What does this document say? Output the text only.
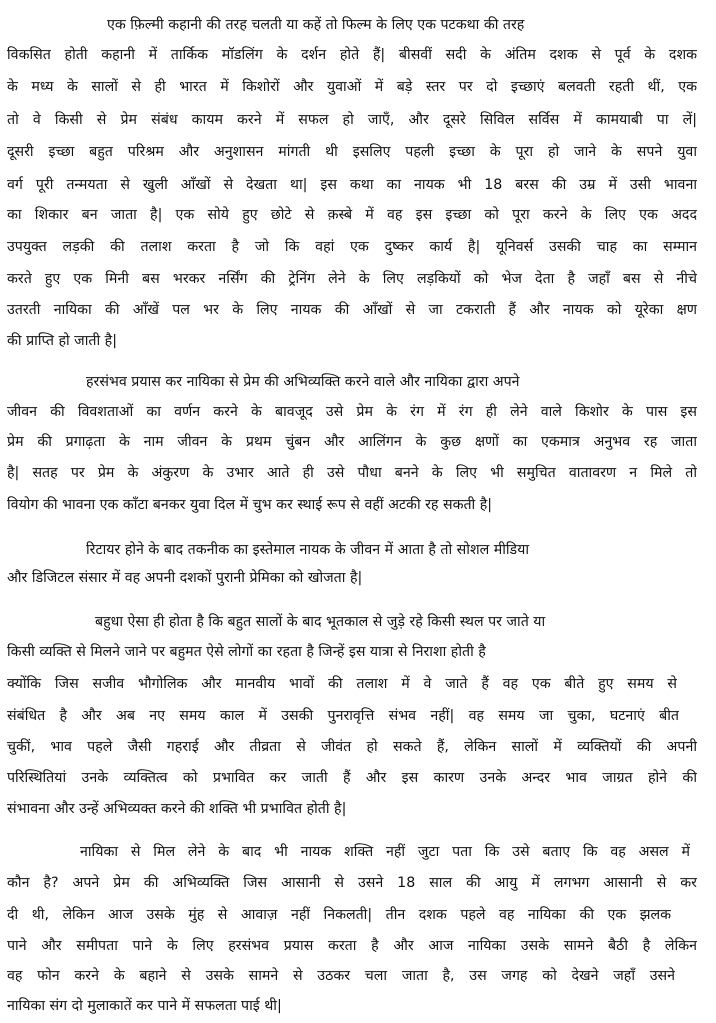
एक फ़िल्मी कहानी की तरह चलती या कहें तो फिल्म के लिए एक पटकथा की तरह
विकसित होती कहानी में तार्किक मॉडलिंग के दर्शन होते हैं| बीसवीं सदी के अंतिम दशक से पूर्व के दशक
के मध्य के सालों से ही भारत में किशोरों और युवाओं में बड़े स्तर पर दो इच्छाएं बलवती रहती थीं, एक
तो वे किसी से प्रेम संबंध कायम करने में सफल हो जाएँ, और दूसरे सिविल सर्विस में कामयाबी पा लें|
दूसरी इच्छा बहुत परिश्रम और अनुशासन मांगती थी इसलिए पहली इच्छा के पूरा हो जाने के सपने युवा
वर्ग पूरी तन्मयता से खुली आँखों से देखता था| इस कथा का नायक भी 18 बरस की उम्र में उसी भावना
का शिकार बन जाता है| एक सोये हुए छोटे से क़स्बे में वह इस इच्छा को पूरा करने के लिए एक अदद
उपयुक्त लड़की की तलाश करता है जो कि वहां एक दुष्कर कार्य है| यूनिवर्स उसकी चाह का सम्मान
करते हुए एक मिनी बस भरकर नर्सिंग की ट्रेनिंग लेने के लिए लड़कियों को भेज देता है जहाँ बस से नीचे
उतरती नायिका की आँखें पल भर के लिए नायक की आँखों से जा टकराती हैं और नायक को यूरेका क्षण
की प्राप्ति हो जाती है|
हरसंभव प्रयास कर नायिका से प्रेम की अभिव्यक्ति करने वाले और नायिका द्वारा अपने
जीवन की विवशताओं का वर्णन करने के बावजूद उसे प्रेम के रंग में रंग ही लेने वाले किशोर के पास इस
प्रेम की प्रगाढ़ता के नाम जीवन के प्रथम चुंबन और आलिंगन के कुछ क्षणों का एकमात्र अनुभव रह जाता
है| सतह पर प्रेम के अंकुरण के उभार आते ही उसे पौधा बनने के लिए भी समुचित वातावरण न मिले तो
वियोग की भावना एक काँटा बनकर युवा दिल में चुभ कर स्थाई रूप से वहीं अटकी रह सकती है|
रिटायर होने के बाद तकनीक का इस्तेमाल नायक के जीवन में आता है तो सोशल मीडिया
और डिजिटल संसार में वह अपनी दशकों पुरानी प्रेमिका को खोजता है|
बहुधा ऐसा ही होता है कि बहुत सालों के बाद भूतकाल से जुड़े रहे किसी स्थल पर जाते या
किसी व्यक्ति से मिलने जाने पर बहुमत ऐसे लोगों का रहता है जिन्हें इस यात्रा से निराशा होती है
क्योंकि जिस सजीव भौगोलिक और मानवीय भावों की तलाश में वे जाते हैं वह एक बीते हुए समय से
संबंधित है और अब नए समय काल में उसकी पुनरावृत्ति संभव नहीं| वह समय जा चुका, घटनाएं बीत
चुकीं, भाव पहले जैसी गहराई और तीव्रता से जीवंत हो सकते हैं, लेकिन सालों में व्यक्तियों की अपनी
परिस्थितियां उनके व्यक्तित्व को प्रभावित कर जाती हैं और इस कारण उनके अन्दर भाव जाग्रत होने की
संभावना और उन्हें अभिव्यक्त करने की शक्ति भी प्रभावित होती है|
नायिका से मिल लेने के बाद भी नायक शक्ति नहीं जुटा पता कि उसे बताए कि वह असल में
कौन है? अपने प्रेम की अभिव्यक्ति जिस आसानी से उसने 18 साल की आयु में लगभग आसानी से कर
दी थी, लेकिन आज उसके मुंह से आवाज़ नहीं निकलती| तीन दशक पहले वह नायिका की एक झलक
पाने और समीपता पाने के लिए हरसंभव प्रयास करता है और आज नायिका उसके सामने बैठी है लेकिन
वह फोन करने के बहाने से उसके सामने से उठकर चला जाता है, उस जगह को देखने जहाँ उसने
नायिका संग दो मुलाकातें कर पाने में सफलता पाई थी|
